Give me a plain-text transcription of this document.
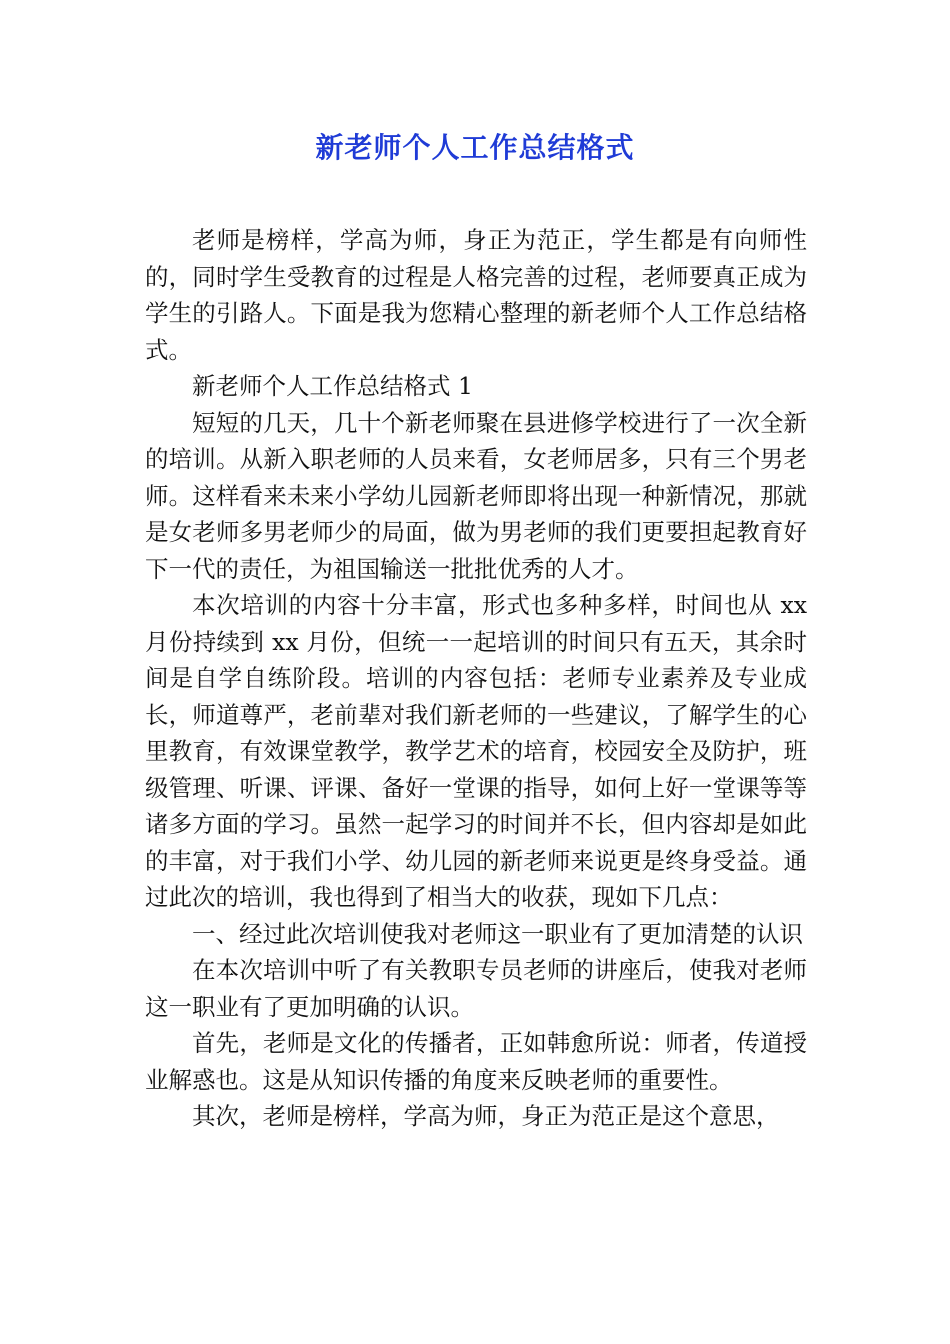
新老师个人工作总结格式

老师是榜样，学高为师，身正为范正，学生都是有向师性的，同时学生受教育的过程是人格完善的过程，老师要真正成为学生的引路人。下面是我为您精心整理的新老师个人工作总结格式。

新老师个人工作总结格式 1

短短的几天，几十个新老师聚在县进修学校进行了一次全新的培训。从新入职老师的人员来看，女老师居多，只有三个男老师。这样看来未来小学幼儿园新老师即将出现一种新情况，那就是女老师多男老师少的局面，做为男老师的我们更要担起教育好下一代的责任，为祖国输送一批批优秀的人才。

本次培训的内容十分丰富，形式也多种多样，时间也从 xx 月份持续到 xx 月份，但统一一起培训的时间只有五天，其余时间是自学自练阶段。培训的内容包括：老师专业素养及专业成长，师道尊严，老前辈对我们新老师的一些建议，了解学生的心里教育，有效课堂教学，教学艺术的培育，校园安全及防护，班级管理、听课、评课、备好一堂课的指导，如何上好一堂课等等诸多方面的学习。虽然一起学习的时间并不长，但内容却是如此的丰富，对于我们小学、幼儿园的新老师来说更是终身受益。通过此次的培训，我也得到了相当大的收获，现如下几点：

一、经过此次培训使我对老师这一职业有了更加清楚的认识

在本次培训中听了有关教职专员老师的讲座后，使我对老师这一职业有了更加明确的认识。

首先，老师是文化的传播者，正如韩愈所说：师者，传道授业解惑也。这是从知识传播的角度来反映老师的重要性。

其次，老师是榜样，学高为师，身正为范正是这个意思，
